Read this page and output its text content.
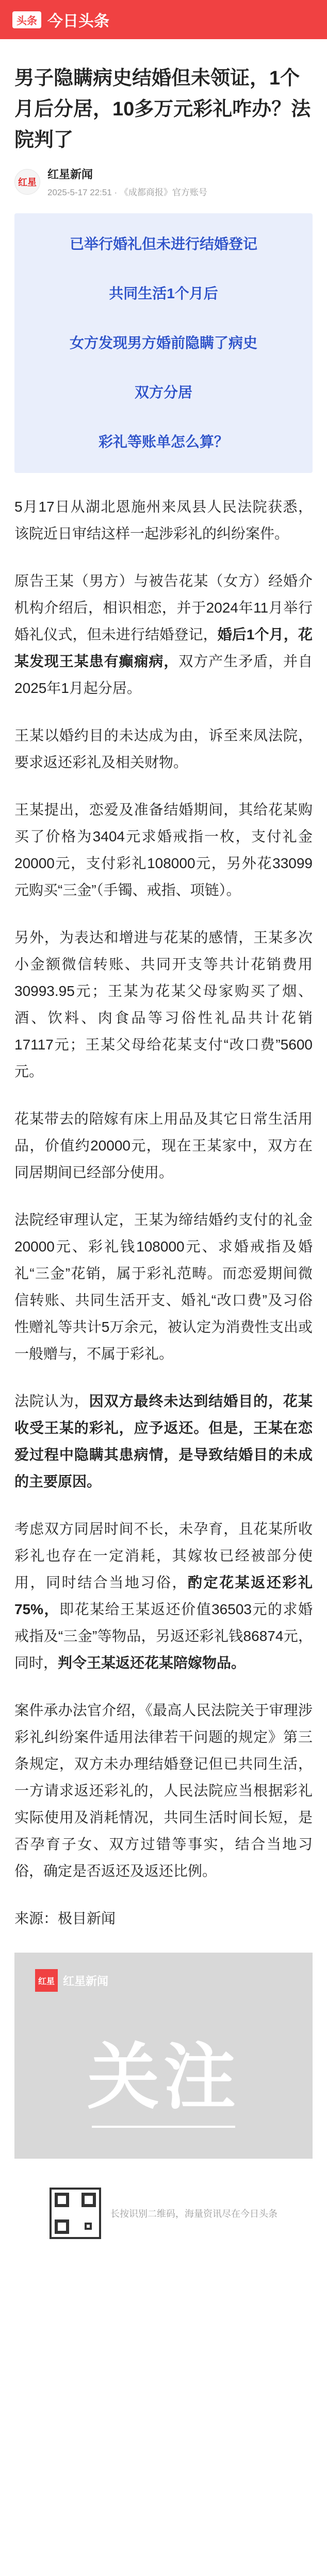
头条 今日头条
男子隐瞒病史结婚但未领证，1个月后分居，10多万元彩礼咋办？法院判了
红星
红星新闻
2025-5-17 22:51 · 《成都商报》官方账号
已举行婚礼但未进行结婚登记
共同生活1个月后
女方发现男方婚前隐瞒了病史
双方分居
彩礼等账单怎么算？

5月17日从湖北恩施州来凤县人民法院获悉，该院近日审结这样一起涉彩礼的纠纷案件。

原告王某（男方）与被告花某（女方）经婚介机构介绍后，相识相恋，并于2024年11月举行婚礼仪式，但未进行结婚登记，婚后1个月，花某发现王某患有癫痫病，双方产生矛盾，并自2025年1月起分居。

王某以婚约目的未达成为由，诉至来凤法院，要求返还彩礼及相关财物。

王某提出，恋爱及准备结婚期间，其给花某购买了价格为3404元求婚戒指一枚，支付礼金20000元，支付彩礼108000元，另外花33099元购买“三金”（手镯、戒指、项链）。

另外，为表达和增进与花某的感情，王某多次小金额微信转账、共同开支等共计花销费用30993.95元；王某为花某父母家购买了烟、酒、饮料、肉食品等习俗性礼品共计花销17117元；王某父母给花某支付“改口费”5600元。

花某带去的陪嫁有床上用品及其它日常生活用品，价值约20000元，现在王某家中，双方在同居期间已经部分使用。

法院经审理认定，王某为缔结婚约支付的礼金20000元、彩礼钱108000元、求婚戒指及婚礼“三金”花销，属于彩礼范畴。而恋爱期间微信转账、共同生活开支、婚礼“改口费”及习俗性赠礼等共计5万余元，被认定为消费性支出或一般赠与，不属于彩礼。

法院认为，因双方最终未达到结婚目的，花某收受王某的彩礼，应予返还。但是，王某在恋爱过程中隐瞒其患病情，是导致结婚目的未成的主要原因。

考虑双方同居时间不长，未孕育，且花某所收彩礼也存在一定消耗，其嫁妆已经被部分使用，同时结合当地习俗，酌定花某返还彩礼75%，即花某给王某返还价值36503元的求婚戒指及“三金”等物品，另返还彩礼钱86874元，同时，判令王某返还花某陪嫁物品。

案件承办法官介绍，《最高人民法院关于审理涉彩礼纠纷案件适用法律若干问题的规定》第三条规定，双方未办理结婚登记但已共同生活，一方请求返还彩礼的，人民法院应当根据彩礼实际使用及消耗情况，共同生活时间长短，是否孕育子女、双方过错等事实，结合当地习俗，确定是否返还及返还比例。

来源：极目新闻

红星 红星新闻
关注
长按识别二维码，海量资讯尽在今日头条
